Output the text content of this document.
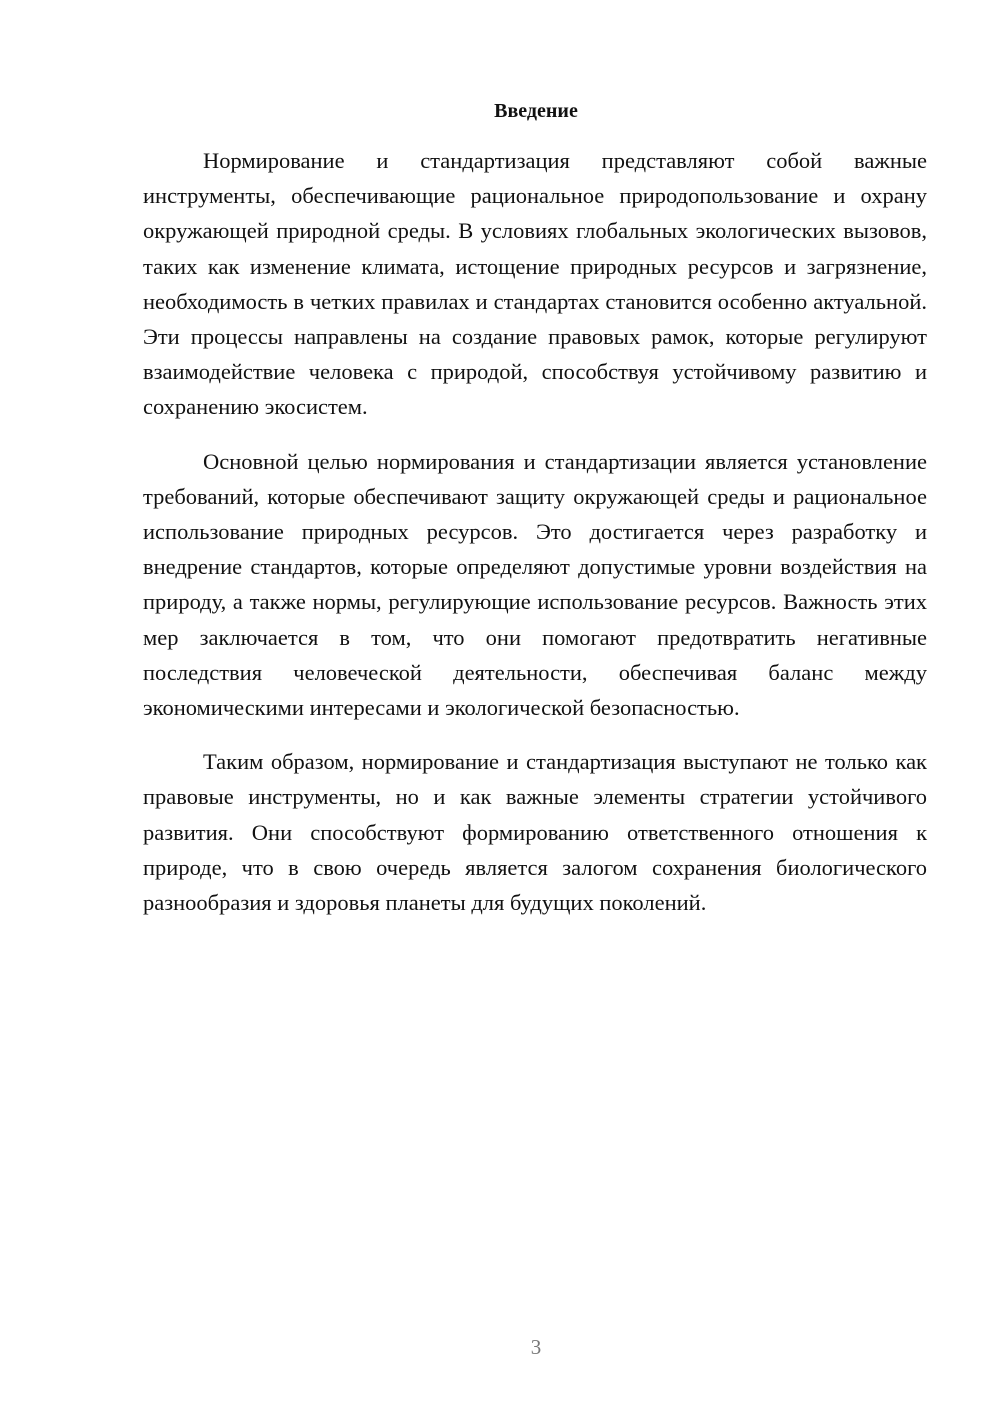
Введение

Нормирование и стандартизация представляют собой важные инструменты, обеспечивающие рациональное природопользование и охрану окружающей природной среды. В условиях глобальных экологических вызовов, таких как изменение климата, истощение природных ресурсов и загрязнение, необходимость в четких правилах и стандартах становится особенно актуальной. Эти процессы направлены на создание правовых рамок, которые регулируют взаимодействие человека с природой, способствуя устойчивому развитию и сохранению экосистем.

Основной целью нормирования и стандартизации является установление требований, которые обеспечивают защиту окружающей среды и рациональное использование природных ресурсов. Это достигается через разработку и внедрение стандартов, которые определяют допустимые уровни воздействия на природу, а также нормы, регулирующие использование ресурсов. Важность этих мер заключается в том, что они помогают предотвратить негативные последствия человеческой деятельности, обеспечивая баланс между экономическими интересами и экологической безопасностью.

Таким образом, нормирование и стандартизация выступают не только как правовые инструменты, но и как важные элементы стратегии устойчивого развития. Они способствуют формированию ответственного отношения к природе, что в свою очередь является залогом сохранения биологического разнообразия и здоровья планеты для будущих поколений.

3
